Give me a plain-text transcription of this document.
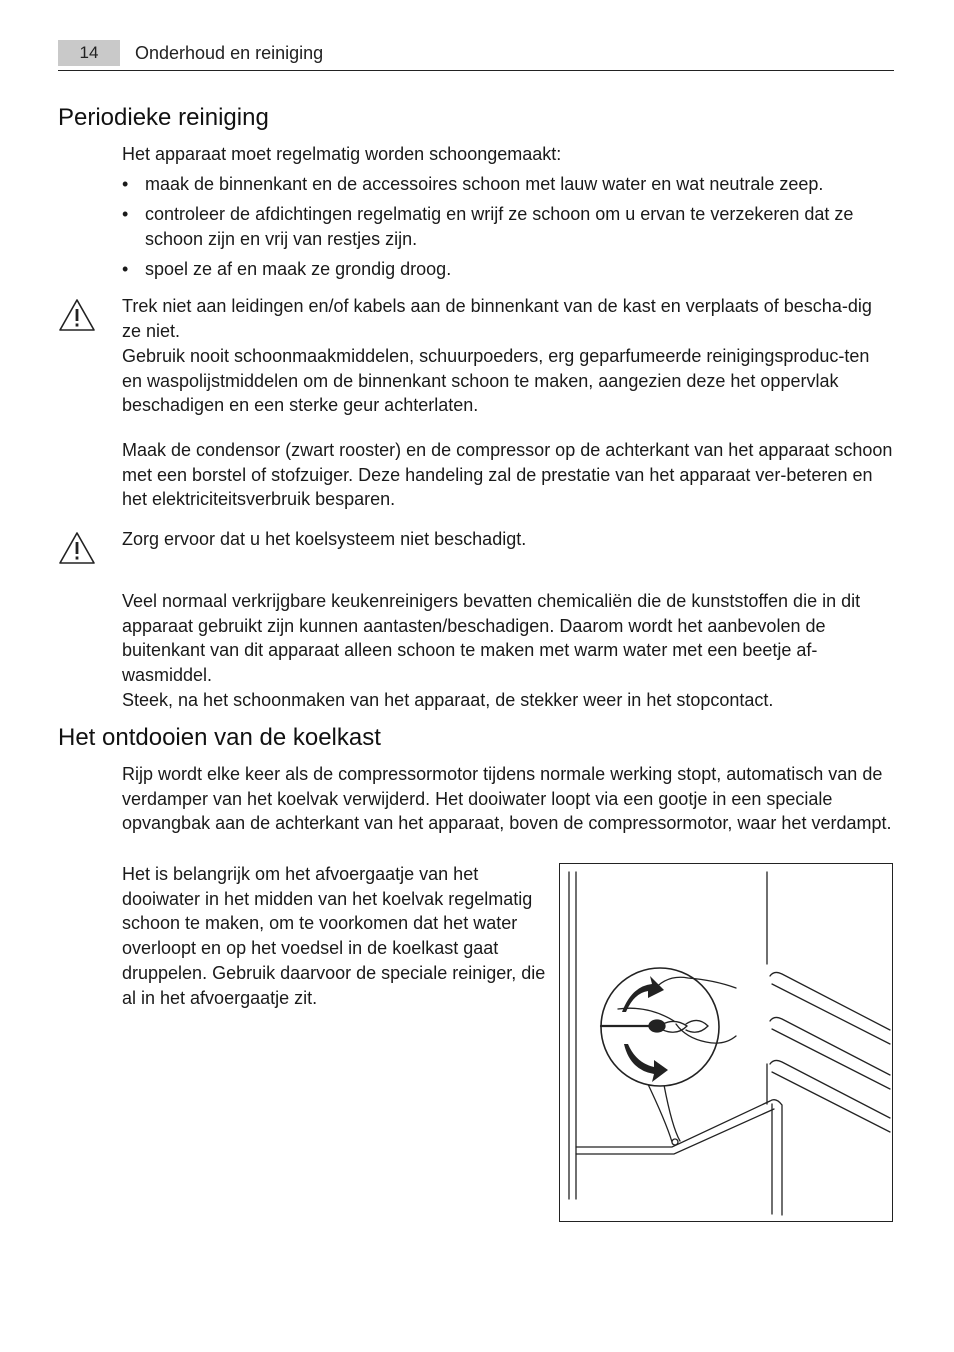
14	Onderhoud en reiniging
Periodieke reiniging

Het apparaat moet regelmatig worden schoongemaakt:

• maak de binnenkant en de accessoires schoon met lauw water en wat neutrale zeep.
• controleer de afdichtingen regelmatig en wrijf ze schoon om u ervan te verzekeren dat ze schoon zijn en vrij van restjes zijn.
• spoel ze af en maak ze grondig droog.

Trek niet aan leidingen en/of kabels aan de binnenkant van de kast en verplaats of bescha-dig ze niet.

Gebruik nooit schoonmaakmiddelen, schuurpoeders, erg geparfumeerde reinigingsproduc-ten en waspolijstmiddelen om de binnenkant schoon te maken, aangezien deze het oppervlak beschadigen en een sterke geur achterlaten.

Maak de condensor (zwart rooster) en de compressor op de achterkant van het apparaat schoon met een borstel of stofzuiger. Deze handeling zal de prestatie van het apparaat ver-beteren en het elektriciteitsverbruik besparen.

Zorg ervoor dat u het koelsysteem niet beschadigt.

Veel normaal verkrijgbare keukenreinigers bevatten chemicaliën die de kunststoffen die in dit apparaat gebruikt zijn kunnen aantasten/beschadigen. Daarom wordt het aanbevolen de buitenkant van dit apparaat alleen schoon te maken met warm water met een beetje af-wasmiddel.

Steek, na het schoonmaken van het apparaat, de stekker weer in het stopcontact.

Het ontdooien van de koelkast

Rijp wordt elke keer als de compressormotor tijdens normale werking stopt, automatisch van de verdamper van het koelvak verwijderd. Het dooiwater loopt via een gootje in een speciale opvangbak aan de achterkant van het apparaat, boven de compressormotor, waar het verdampt.

Het is belangrijk om het afvoergaatje van het dooiwater in het midden van het koelvak regelmatig schoon te maken, om te voorkomen dat het water overloopt en op het voedsel in de koelkast gaat druppelen. Gebruik daarvoor de speciale reiniger, die al in het afvoergaatje zit.
